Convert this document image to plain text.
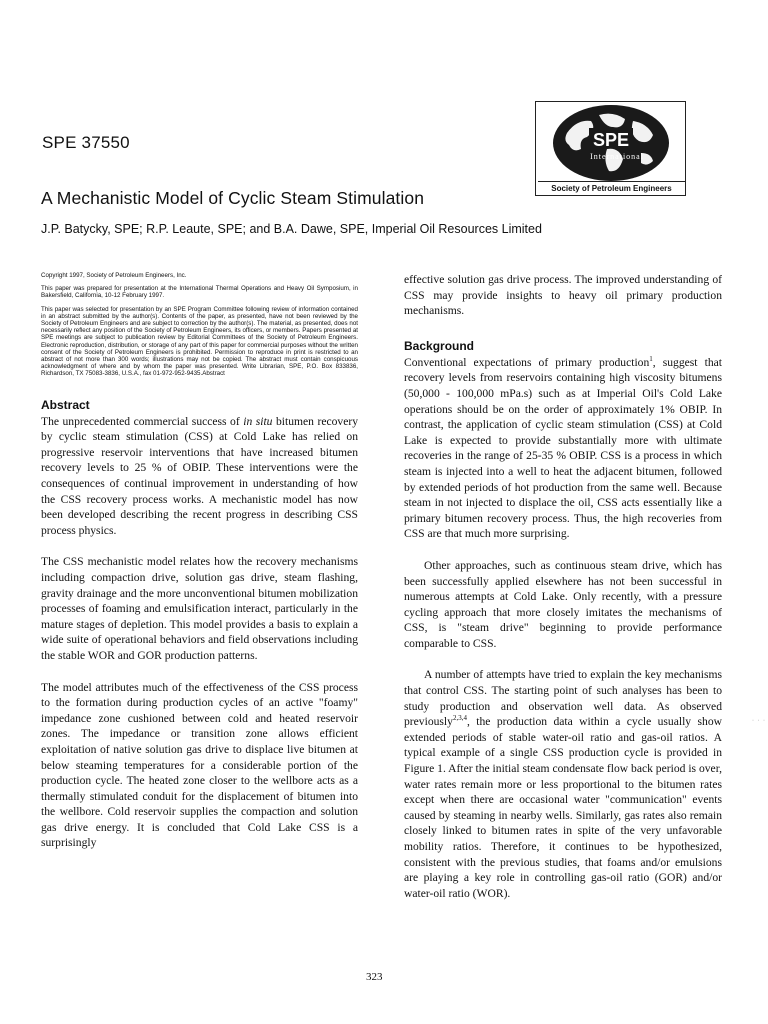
SPE 37550	SPE
International
Society of Petroleum Engineers
A Mechanistic Model of Cyclic Steam Stimulation
J.P. Batycky, SPE; R.P. Leaute, SPE; and B.A. Dawe, SPE, Imperial Oil Resources Limited

Copyright 1997, Society of Petroleum Engineers, Inc.

This paper was prepared for presentation at the International Thermal Operations and Heavy Oil Symposium, in Bakersfield, California, 10-12 February 1997.

This paper was selected for presentation by an SPE Program Committee following review of information contained in an abstract submitted by the author(s). Contents of the paper, as presented, have not been reviewed by the Society of Petroleum Engineers and are subject to correction by the author(s). The material, as presented, does not necessarily reflect any position of the Society of Petroleum Engineers, its officers, or members. Papers presented at SPE meetings are subject to publication review by Editorial Committees of the Society of Petroleum Engineers. Electronic reproduction, distribution, or storage of any part of this paper for commercial purposes without the written consent of the Society of Petroleum Engineers is prohibited. Permission to reproduce in print is restricted to an abstract of not more than 300 words; illustrations may not be copied. The abstract must contain conspicuous acknowledgment of where and by whom the paper was presented. Write Librarian, SPE, P.O. Box 833836, Richardson, TX 75083-3836, U.S.A., fax 01-972-952-9435.Abstract

Abstract

The unprecedented commercial success of in situ bitumen recovery by cyclic steam stimulation (CSS) at Cold Lake has relied on progressive reservoir interventions that have increased bitumen recovery levels to 25 % of OBIP. These interventions were the consequences of continual improvement in understanding of how the CSS recovery process works. A mechanistic model has now been developed describing the recent progress in describing CSS process physics.

The CSS mechanistic model relates how the recovery mechanisms including compaction drive, solution gas drive, steam flashing, gravity drainage and the more unconventional bitumen mobilization processes of foaming and emulsification interact, particularly in the mature stages of depletion. This model provides a basis to explain a wide suite of operational behaviors and field observations including the stable WOR and GOR production patterns.

The model attributes much of the effectiveness of the CSS process to the formation during production cycles of an active "foamy" impedance zone cushioned between cold and heated reservoir zones. The impedance or transition zone allows efficient exploitation of native solution gas drive to displace live bitumen at below steaming temperatures for a considerable portion of the production cycle. The heated zone closer to the wellbore acts as a thermally stimulated conduit for the displacement of bitumen into the wellbore. Cold reservoir supplies the compaction and solution gas drive energy. It is concluded that Cold Lake CSS is a surprisingly

effective solution gas drive process. The improved understanding of CSS may provide insights to heavy oil primary production mechanisms.

Background

Conventional expectations of primary production$^1$, suggest that recovery levels from reservoirs containing high viscosity bitumens (50,000 - 100,000 mPa.s) such as at Imperial Oil's Cold Lake operations should be on the order of approximately 1% OBIP. In contrast, the application of cyclic steam stimulation (CSS) at Cold Lake is expected to provide substantially more with ultimate recoveries in the range of 25-35 % OBIP. CSS is a process in which steam is injected into a well to heat the adjacent bitumen, followed by extended periods of hot production from the same well. Because steam in not injected to displace the oil, CSS acts essentially like a primary bitumen recovery process. Thus, the high recoveries from CSS are that much more surprising.

Other approaches, such as continuous steam drive, which has been successfully applied elsewhere has not been successful in numerous attempts at Cold Lake. Only recently, with a pressure cycling approach that more closely imitates the mechanisms of CSS, is "steam drive" beginning to provide performance comparable to CSS.

A number of attempts have tried to explain the key mechanisms that control CSS. The starting point of such analyses has been to study production and observation well data. As observed previously$^{2,3,4}$, the production data within a cycle usually show extended periods of stable water-oil ratio and gas-oil ratios. A typical example of a single CSS production cycle is provided in Figure 1. After the initial steam condensate flow back period is over, water rates remain more or less proportional to the bitumen rates except when there are occasional water "communication" events caused by steaming in nearby wells. Similarly, gas rates also remain closely linked to bitumen rates in spite of the very unfavorable mobility ratios. Therefore, it continues to be hypothesized, consistent with the previous studies, that foams and/or emulsions are playing a key role in controlling gas-oil ratio (GOR) and/or water-oil ratio (WOR).

· · ·
323
